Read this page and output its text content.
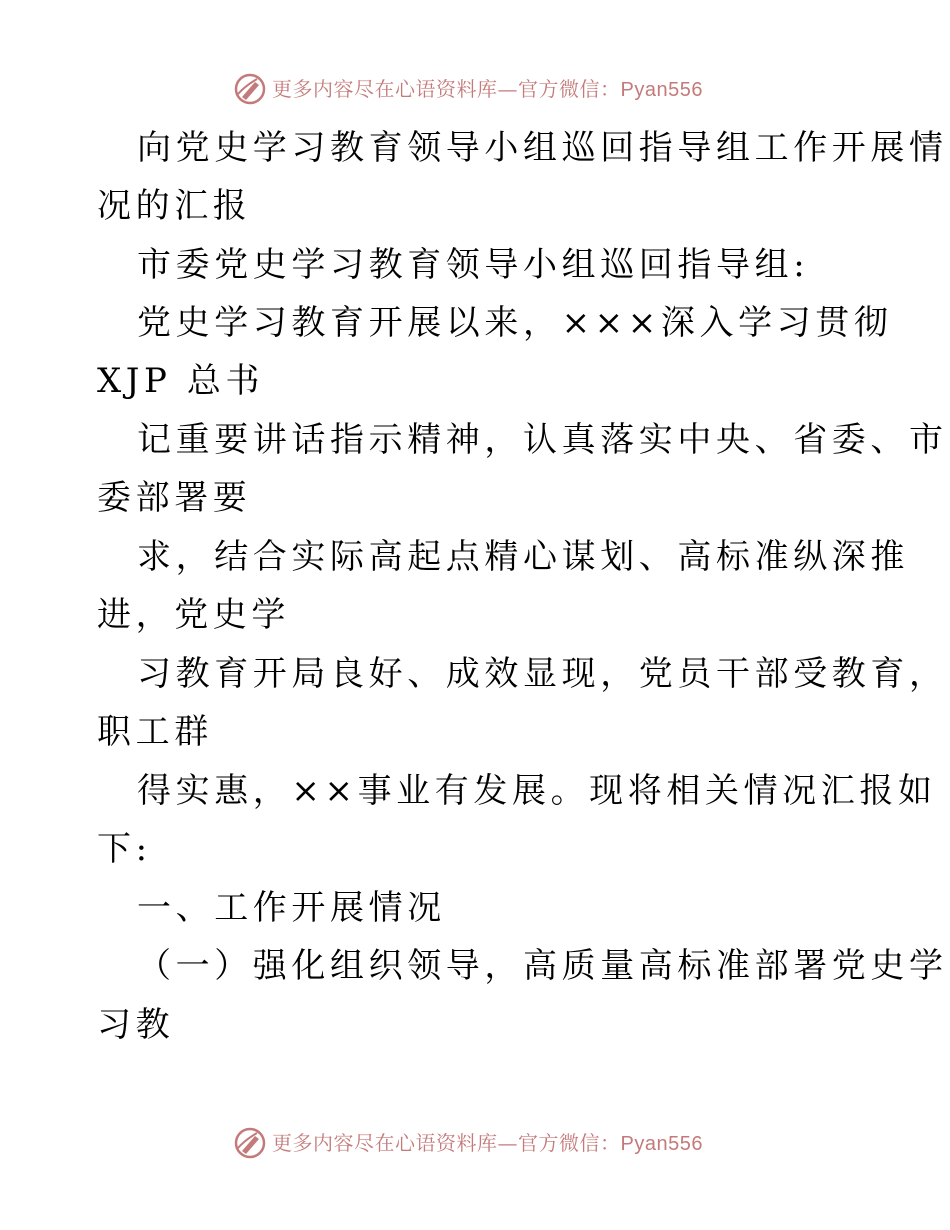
更多内容尽在心语资料库—官方微信：Pyan556
向党史学习教育领导小组巡回指导组工作开展情
况的汇报
市委党史学习教育领导小组巡回指导组:
党史学习教育开展以来，×××深入学习贯彻
XJP 总书
记重要讲话指示精神，认真落实中央、省委、市
委部署要
求，结合实际高起点精心谋划、高标准纵深推
进，党史学
习教育开局良好、成效显现，党员干部受教育，
职工群
得实惠，××事业有发展。现将相关情况汇报如
下:
一、工作开展情况
（一）强化组织领导，高质量高标准部署党史学
习教
更多内容尽在心语资料库—官方微信：Pyan556
